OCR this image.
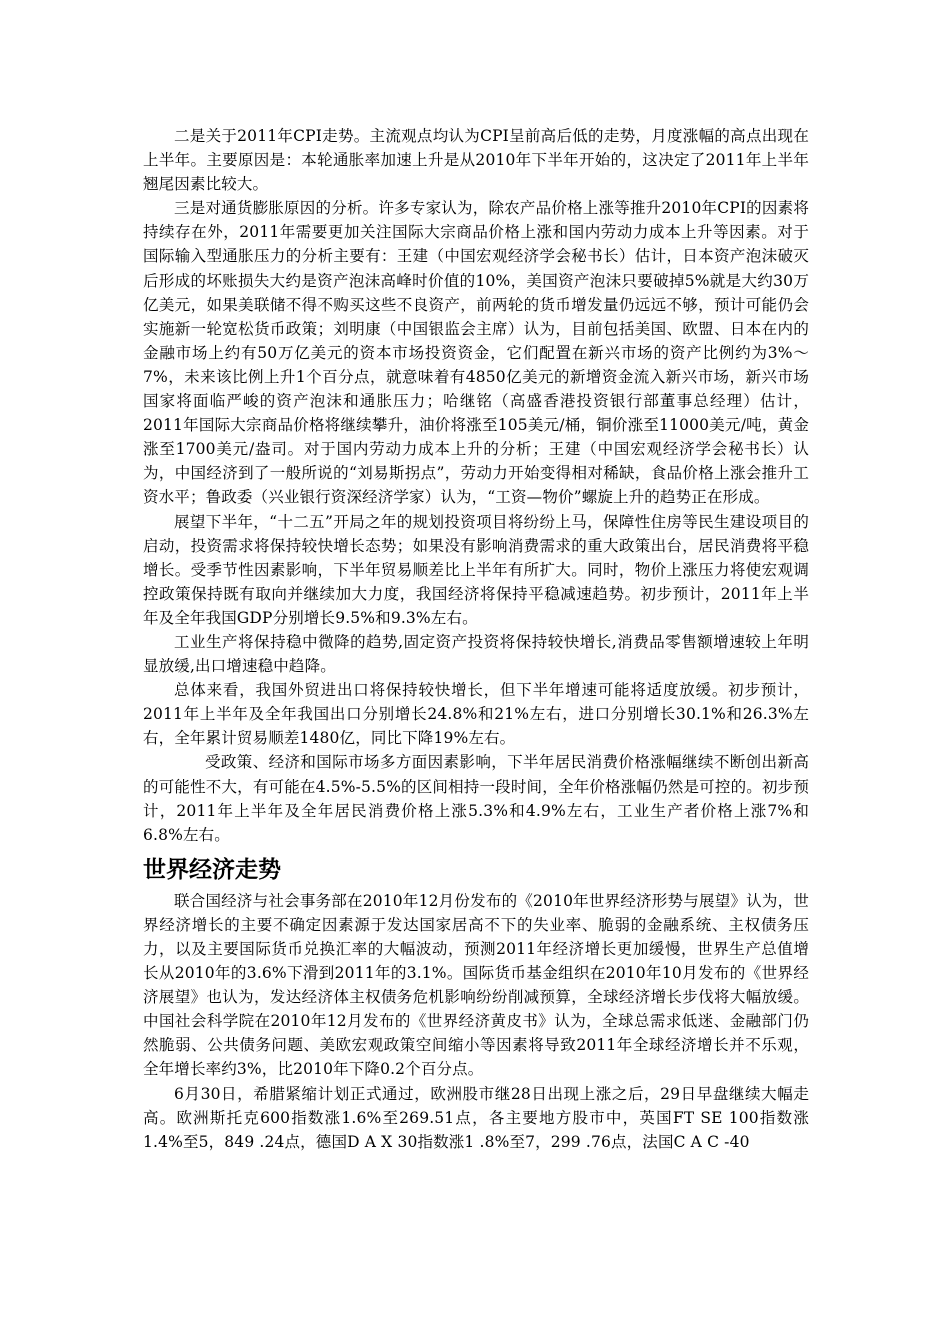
二是关于2011年CPI走势。主流观点均认为CPI呈前高后低的走势，月度涨幅的高点出现在上半年。主要原因是：本轮通胀率加速上升是从2010年下半年开始的，这决定了2011年上半年翘尾因素比较大。

三是对通货膨胀原因的分析。许多专家认为，除农产品价格上涨等推升2010年CPI的因素将持续存在外，2011年需要更加关注国际大宗商品价格上涨和国内劳动力成本上升等因素。对于国际输入型通胀压力的分析主要有：王建（中国宏观经济学会秘书长）估计，日本资产泡沫破灭后形成的坏账损失大约是资产泡沫高峰时价值的10%，美国资产泡沫只要破掉5%就是大约30万亿美元，如果美联储不得不购买这些不良资产，前两轮的货币增发量仍远远不够，预计可能仍会实施新一轮宽松货币政策；刘明康（中国银监会主席）认为，目前包括美国、欧盟、日本在内的金融市场上约有50万亿美元的资本市场投资资金，它们配置在新兴市场的资产比例约为3%～7%，未来该比例上升1个百分点，就意味着有4850亿美元的新增资金流入新兴市场，新兴市场国家将面临严峻的资产泡沫和通胀压力；哈继铭（高盛香港投资银行部董事总经理）估计，2011年国际大宗商品价格将继续攀升，油价将涨至105美元/桶，铜价涨至11000美元/吨，黄金涨至1700美元/盎司。对于国内劳动力成本上升的分析；王建（中国宏观经济学会秘书长）认为，中国经济到了一般所说的“刘易斯拐点”，劳动力开始变得相对稀缺，食品价格上涨会推升工资水平；鲁政委（兴业银行资深经济学家）认为，“工资—物价”螺旋上升的趋势正在形成。

展望下半年，“十二五”开局之年的规划投资项目将纷纷上马，保障性住房等民生建设项目的启动，投资需求将保持较快增长态势；如果没有影响消费需求的重大政策出台，居民消费将平稳增长。受季节性因素影响，下半年贸易顺差比上半年有所扩大。同时，物价上涨压力将使宏观调控政策保持既有取向并继续加大力度，我国经济将保持平稳减速趋势。初步预计，2011年上半年及全年我国GDP分别增长9.5%和9.3%左右。

工业生产将保持稳中微降的趋势,固定资产投资将保持较快增长,消费品零售额增速较上年明显放缓,出口增速稳中趋降。

总体来看，我国外贸进出口将保持较快增长，但下半年增速可能将适度放缓。初步预计，2011年上半年及全年我国出口分别增长24.8%和21%左右，进口分别增长30.1%和26.3%左右，全年累计贸易顺差1480亿，同比下降19%左右。

受政策、经济和国际市场多方面因素影响，下半年居民消费价格涨幅继续不断创出新高的可能性不大，有可能在4.5%-5.5%的区间相持一段时间，全年价格涨幅仍然是可控的。初步预计，2011年上半年及全年居民消费价格上涨5.3%和4.9%左右，工业生产者价格上涨7%和6.8%左右。

世界经济走势

联合国经济与社会事务部在2010年12月份发布的《2010年世界经济形势与展望》认为，世界经济增长的主要不确定因素源于发达国家居高不下的失业率、脆弱的金融系统、主权债务压力，以及主要国际货币兑换汇率的大幅波动，预测2011年经济增长更加缓慢，世界生产总值增长从2010年的3.6%下滑到2011年的3.1%。国际货币基金组织在2010年10月发布的《世界经济展望》也认为，发达经济体主权债务危机影响纷纷削减预算，全球经济增长步伐将大幅放缓。中国社会科学院在2010年12月发布的《世界经济黄皮书》认为，全球总需求低迷、金融部门仍然脆弱、公共债务问题、美欧宏观政策空间缩小等因素将导致2011年全球经济增长并不乐观，全年增长率约3%，比2010年下降0.2个百分点。

6月30日，希腊紧缩计划正式通过，欧洲股市继28日出现上涨之后，29日早盘继续大幅走高。欧洲斯托克600指数涨1.6%至269.51点，各主要地方股市中，英国FT SE 100指数涨1.4%至5，849 .24点，德国D A X 30指数涨1 .8%至7，299 .76点，法国C A C -40
